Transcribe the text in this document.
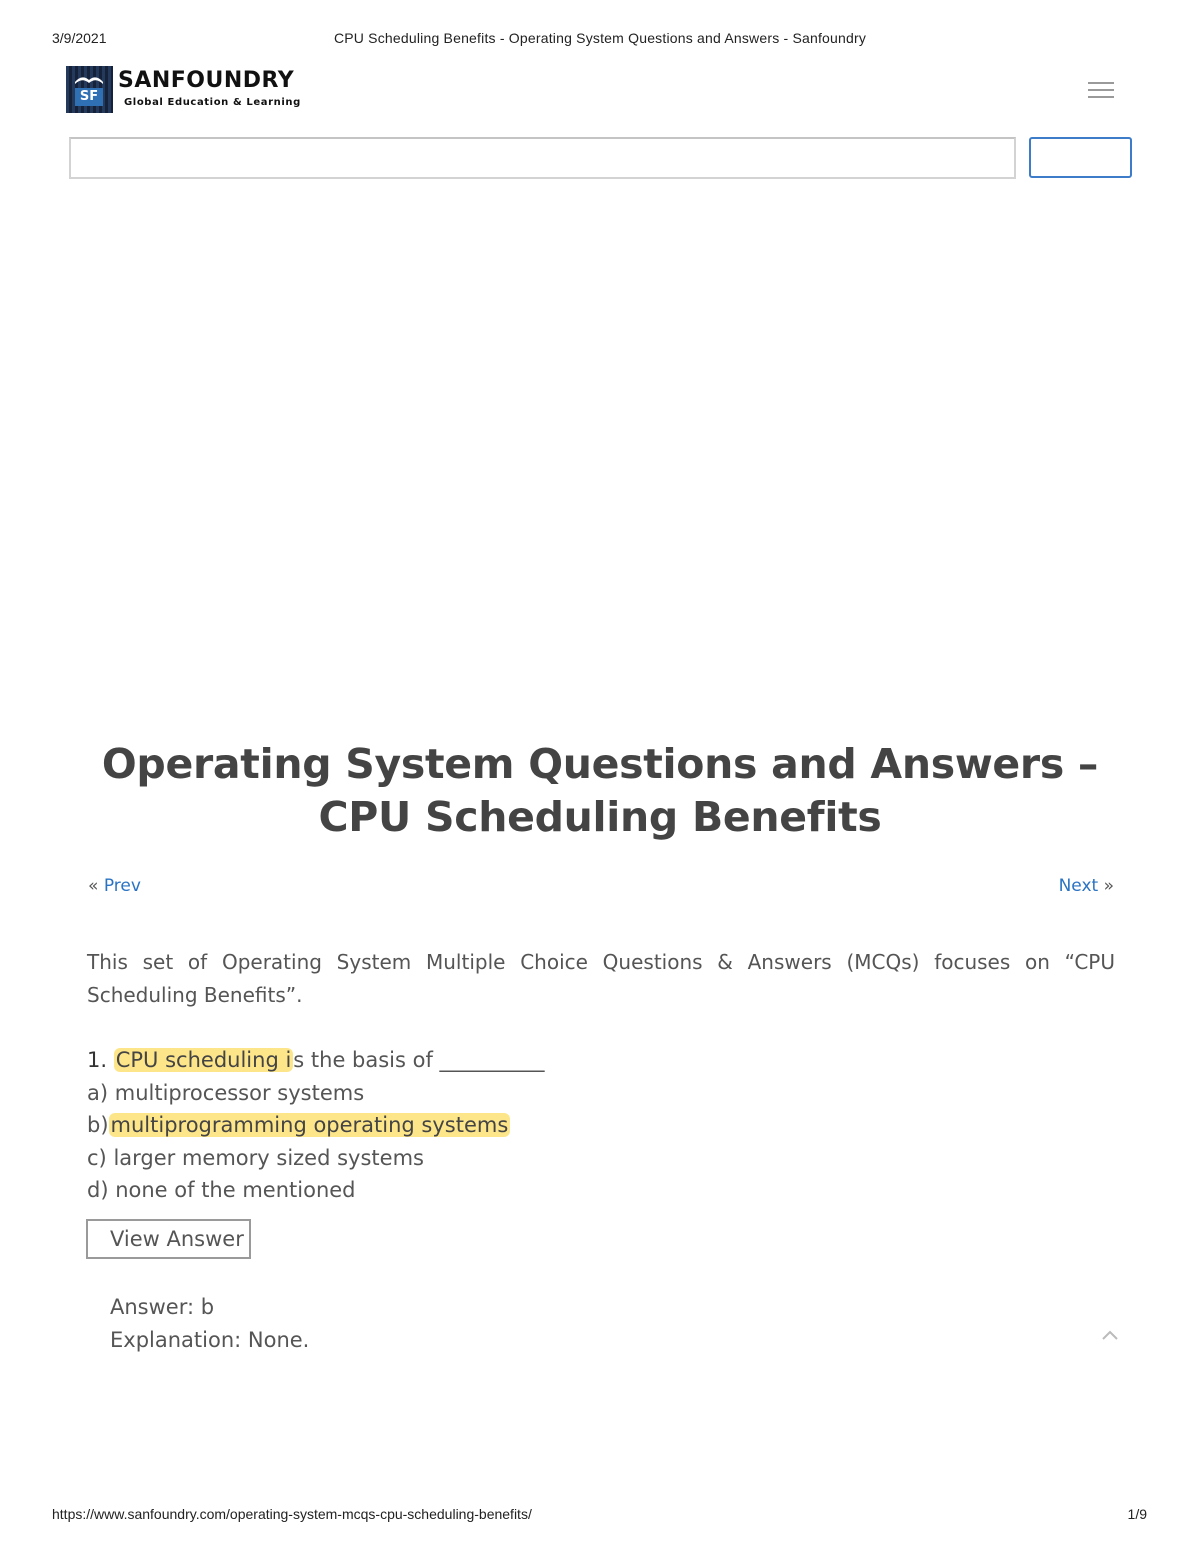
3/9/2021	CPU Scheduling Benefits - Operating System Questions and Answers - Sanfoundry
SF
SANFOUNDRY
Global Education & Learning
Operating System Questions and Answers – CPU Scheduling Benefits
« Prev	Next »

This set of Operating System Multiple Choice Questions & Answers (MCQs) focuses on “CPU Scheduling Benefits”.

1. CPU scheduling is the basis of __________
a) multiprocessor systems
b)multiprogramming operating systems
c) larger memory sized systems
d) none of the mentioned
View Answer
Answer: b
Explanation: None.
https://www.sanfoundry.com/operating-system-mcqs-cpu-scheduling-benefits/	1/9
